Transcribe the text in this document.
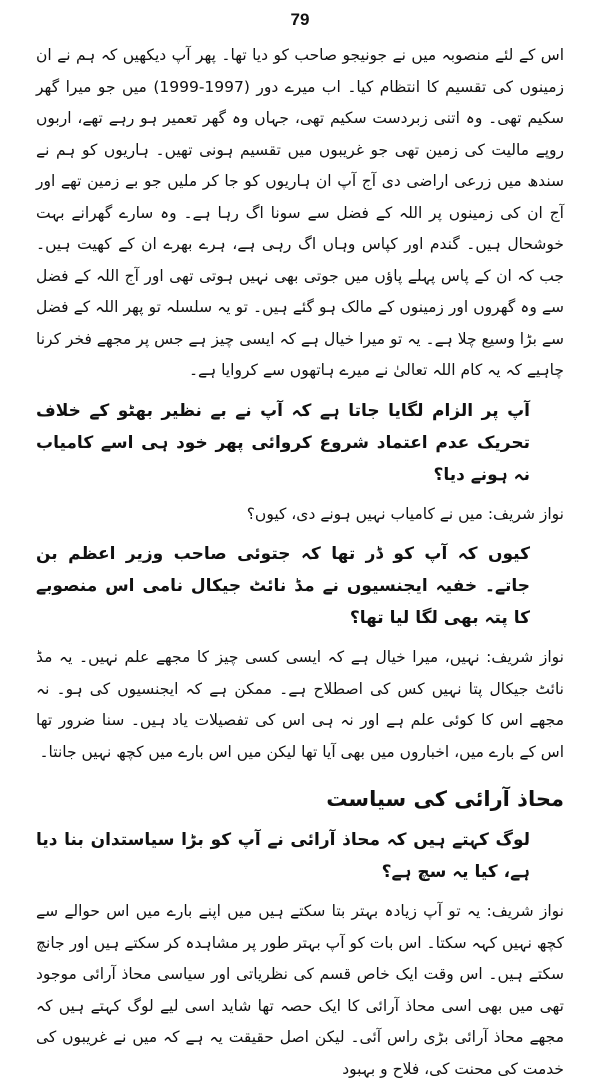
79

اس کے لئے منصوبہ میں نے جونیجو صاحب کو دیا تھا۔ پھر آپ دیکھیں کہ ہم نے ان زمینوں کی تقسیم کا انتظام کیا۔ اب میرے دور (1997-1999) میں جو میرا گھر سکیم تھی۔ وہ اتنی زبردست سکیم تھی، جہاں وہ گھر تعمیر ہو رہے تھے، اربوں روپے مالیت کی زمین تھی جو غریبوں میں تقسیم ہونی تھیں۔ ہاریوں کو ہم نے سندھ میں زرعی اراضی دی آج آپ ان ہاریوں کو جا کر ملیں جو بے زمین تھے اور آج ان کی زمینوں پر اللہ کے فضل سے سونا اگ رہا ہے۔ وہ سارے گھرانے بہت خوشحال ہیں۔ گندم اور کپاس وہاں اگ رہی ہے، ہرے بھرے ان کے کھیت ہیں۔ جب کہ ان کے پاس پہلے پاؤں میں جوتی بھی نہیں ہوتی تھی اور آج اللہ کے فضل سے وہ گھروں اور زمینوں کے مالک ہو گئے ہیں۔ تو یہ سلسلہ تو پھر اللہ کے فضل سے بڑا وسیع چلا ہے۔ یہ تو میرا خیال ہے کہ ایسی چیز ہے جس پر مجھے فخر کرنا چاہیے کہ یہ کام اللہ تعالیٰ نے میرے ہاتھوں سے کروایا ہے۔

آپ پر الزام لگایا جاتا ہے کہ آپ نے بے نظیر بھٹو کے خلاف تحریک عدم اعتماد شروع کروائی پھر خود ہی اسے کامیاب نہ ہونے دیا؟

نواز شریف: میں نے کامیاب نہیں ہونے دی، کیوں؟

کیوں کہ آپ کو ڈر تھا کہ جتوئی صاحب وزیر اعظم بن جاتے۔ خفیہ ایجنسیوں نے مڈ نائٹ جیکال نامی اس منصوبے کا پتہ بھی لگا لیا تھا؟

نواز شریف: نہیں، میرا خیال ہے کہ ایسی کسی چیز کا مجھے علم نہیں۔ یہ مڈ نائٹ جیکال پتا نہیں کس کی اصطلاح ہے۔ ممکن ہے کہ ایجنسیوں کی ہو۔ نہ مجھے اس کا کوئی علم ہے اور نہ ہی اس کی تفصیلات یاد ہیں۔ سنا ضرور تھا اس کے بارے میں، اخباروں میں بھی آیا تھا لیکن میں اس بارے میں کچھ نہیں جانتا۔

محاذ آرائی کی سیاست

لوگ کہتے ہیں کہ محاذ آرائی نے آپ کو بڑا سیاستدان بنا دیا ہے، کیا یہ سچ ہے؟

نواز شریف: یہ تو آپ زیادہ بہتر بتا سکتے ہیں میں اپنے بارے میں اس حوالے سے کچھ نہیں کہہ سکتا۔ اس بات کو آپ بہتر طور پر مشاہدہ کر سکتے ہیں اور جانچ سکتے ہیں۔ اس وقت ایک خاص قسم کی نظریاتی اور سیاسی محاذ آرائی موجود تھی میں بھی اسی محاذ آرائی کا ایک حصہ تھا شاید اسی لیے لوگ کہتے ہیں کہ مجھے محاذ آرائی بڑی راس آئی۔ لیکن اصل حقیقت یہ ہے کہ میں نے غریبوں کی خدمت کی محنت کی، فلاح و بہبود
